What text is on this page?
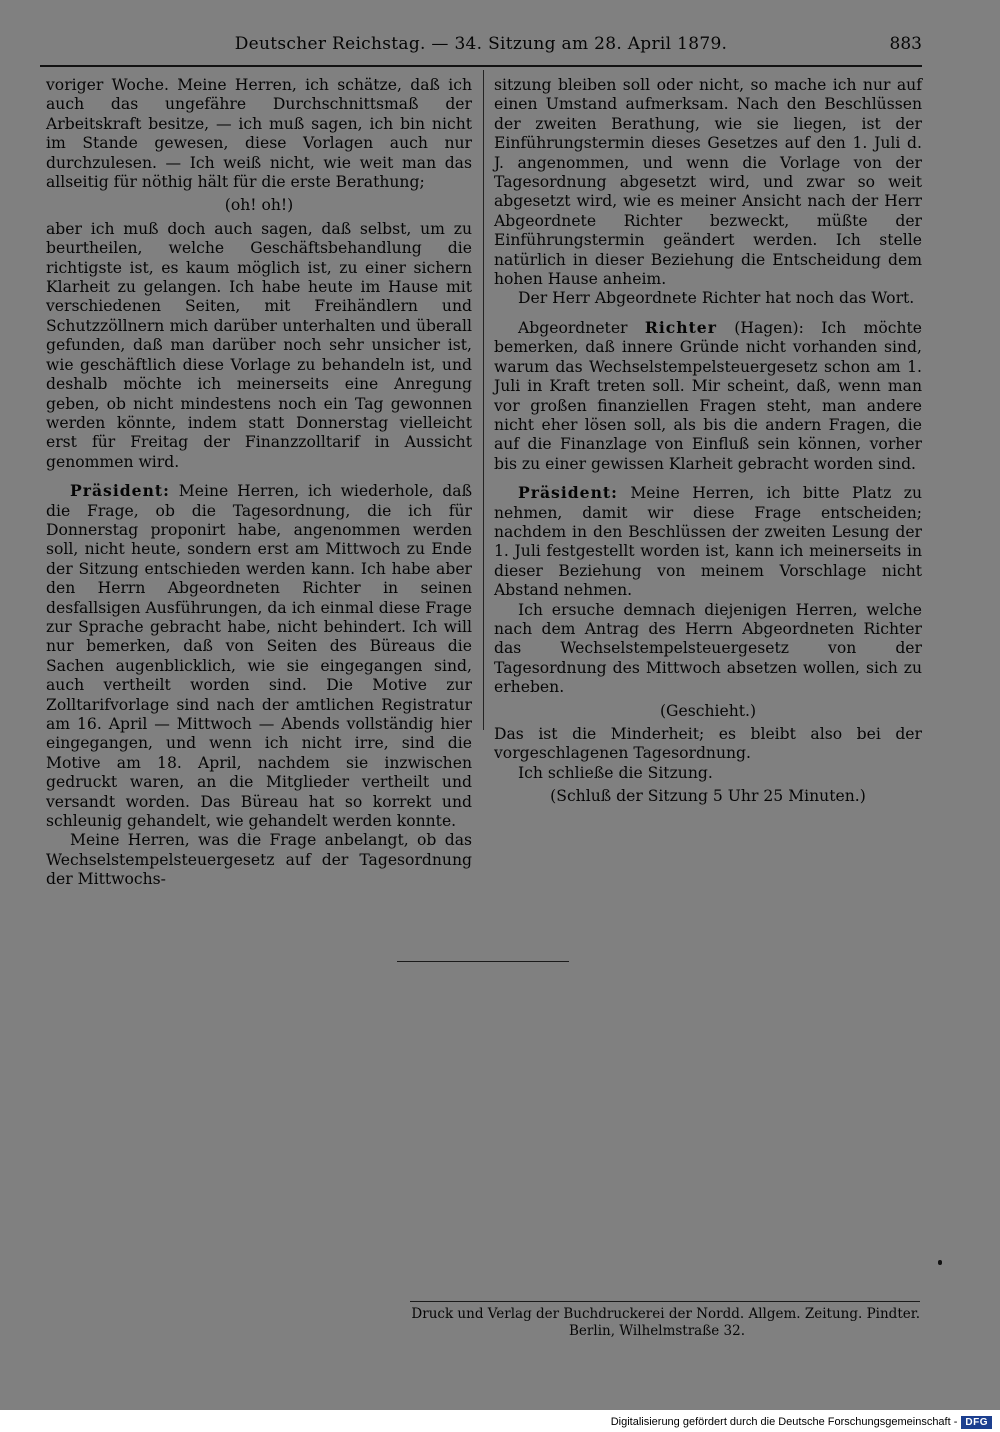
Deutscher Reichstag. — 34. Sitzung am 28. April 1879.	883

voriger Woche. Meine Herren, ich schätze, daß ich auch das ungefähre Durchschnittsmaß der Arbeitskraft besitze, — ich muß sagen, ich bin nicht im Stande gewesen, diese Vorlagen auch nur durchzulesen. — Ich weiß nicht, wie weit man das allseitig für nöthig hält für die erste Berathung;

(oh! oh!)

aber ich muß doch auch sagen, daß selbst, um zu beurtheilen, welche Geschäftsbehandlung die richtigste ist, es kaum möglich ist, zu einer sichern Klarheit zu gelangen. Ich habe heute im Hause mit verschiedenen Seiten, mit Freihändlern und Schutzzöllnern mich darüber unterhalten und überall gefunden, daß man darüber noch sehr unsicher ist, wie geschäftlich diese Vorlage zu behandeln ist, und deshalb möchte ich meinerseits eine Anregung geben, ob nicht mindestens noch ein Tag gewonnen werden könnte, indem statt Donnerstag vielleicht erst für Freitag der Finanzzolltarif in Aussicht genommen wird.

Präsident: Meine Herren, ich wiederhole, daß die Frage, ob die Tagesordnung, die ich für Donnerstag proponirt habe, angenommen werden soll, nicht heute, sondern erst am Mittwoch zu Ende der Sitzung entschieden werden kann. Ich habe aber den Herrn Abgeordneten Richter in seinen desfallsigen Ausführungen, da ich einmal diese Frage zur Sprache gebracht habe, nicht behindert. Ich will nur bemerken, daß von Seiten des Büreaus die Sachen augenblicklich, wie sie eingegangen sind, auch vertheilt worden sind. Die Motive zur Zolltarifvorlage sind nach der amtlichen Registratur am 16. April — Mittwoch — Abends vollständig hier eingegangen, und wenn ich nicht irre, sind die Motive am 18. April, nachdem sie inzwischen gedruckt waren, an die Mitglieder vertheilt und versandt worden. Das Büreau hat so korrekt und schleunig gehandelt, wie gehandelt werden konnte.

Meine Herren, was die Frage anbelangt, ob das Wechselstempelsteuergesetz auf der Tagesordnung der Mittwochs-

sitzung bleiben soll oder nicht, so mache ich nur auf einen Umstand aufmerksam. Nach den Beschlüssen der zweiten Berathung, wie sie liegen, ist der Einführungstermin dieses Gesetzes auf den 1. Juli d. J. angenommen, und wenn die Vorlage von der Tagesordnung abgesetzt wird, und zwar so weit abgesetzt wird, wie es meiner Ansicht nach der Herr Abgeordnete Richter bezweckt, müßte der Einführungstermin geändert werden. Ich stelle natürlich in dieser Beziehung die Entscheidung dem hohen Hause anheim.

Der Herr Abgeordnete Richter hat noch das Wort.

Abgeordneter Richter (Hagen): Ich möchte bemerken, daß innere Gründe nicht vorhanden sind, warum das Wechselstempelsteuergesetz schon am 1. Juli in Kraft treten soll. Mir scheint, daß, wenn man vor großen finanziellen Fragen steht, man andere nicht eher lösen soll, als bis die andern Fragen, die auf die Finanzlage von Einfluß sein können, vorher bis zu einer gewissen Klarheit gebracht worden sind.

Präsident: Meine Herren, ich bitte Platz zu nehmen, damit wir diese Frage entscheiden; nachdem in den Beschlüssen der zweiten Lesung der 1. Juli festgestellt worden ist, kann ich meinerseits in dieser Beziehung von meinem Vorschlage nicht Abstand nehmen.

Ich ersuche demnach diejenigen Herren, welche nach dem Antrag des Herrn Abgeordneten Richter das Wechselstempelsteuergesetz von der Tagesordnung des Mittwoch absetzen wollen, sich zu erheben.

(Geschieht.)

Das ist die Minderheit; es bleibt also bei der vorgeschlagenen Tagesordnung.

Ich schließe die Sitzung.

(Schluß der Sitzung 5 Uhr 25 Minuten.)

Druck und Verlag der Buchdruckerei der Nordd. Allgem. Zeitung. Pindter.
Berlin, Wilhelmstraße 32.
Digitalisierung gefördert durch die Deutsche Forschungsgemeinschaft - DFG
